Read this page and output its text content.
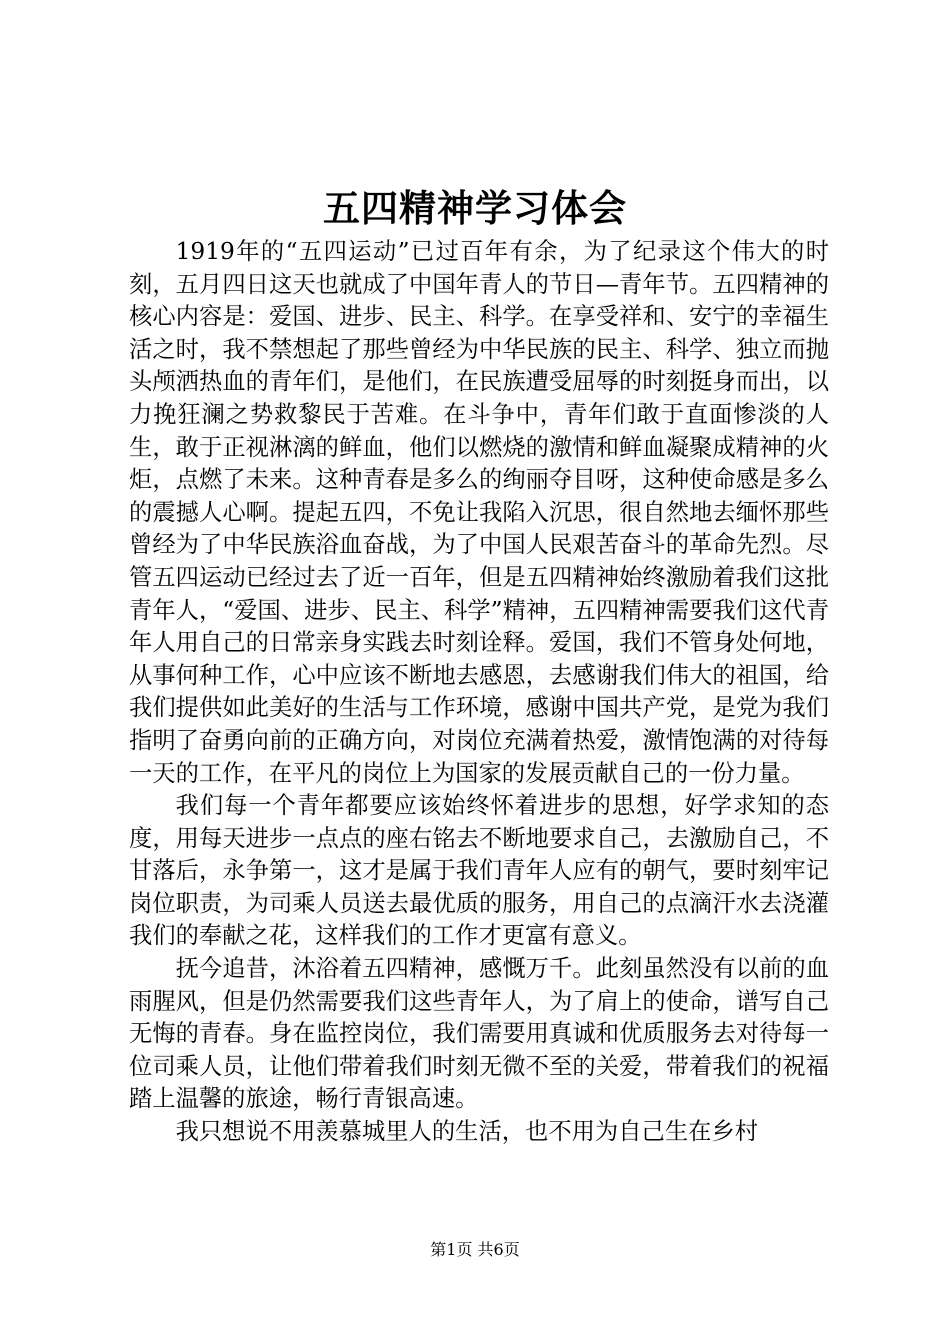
五四精神学习体会

1919年的“五四运动”已过百年有余，为了纪录这个伟大的时刻，五月四日这天也就成了中国年青人的节日—青年节。五四精神的核心内容是：爱国、进步、民主、科学。在享受祥和、安宁的幸福生活之时，我不禁想起了那些曾经为中华民族的民主、科学、独立而抛头颅洒热血的青年们，是他们，在民族遭受屈辱的时刻挺身而出，以力挽狂澜之势救黎民于苦难。在斗争中，青年们敢于直面惨淡的人生，敢于正视淋漓的鲜血，他们以燃烧的激情和鲜血凝聚成精神的火炬，点燃了未来。这种青春是多么的绚丽夺目呀，这种使命感是多么的震撼人心啊。提起五四，不免让我陷入沉思，很自然地去缅怀那些曾经为了中华民族浴血奋战，为了中国人民艰苦奋斗的革命先烈。尽管五四运动已经过去了近一百年，但是五四精神始终激励着我们这批青年人，“爱国、进步、民主、科学”精神，五四精神需要我们这代青年人用自己的日常亲身实践去时刻诠释。爱国，我们不管身处何地，从事何种工作，心中应该不断地去感恩，去感谢我们伟大的祖国，给我们提供如此美好的生活与工作环境，感谢中国共产党，是党为我们指明了奋勇向前的正确方向，对岗位充满着热爱，激情饱满的对待每一天的工作，在平凡的岗位上为国家的发展贡献自己的一份力量。

我们每一个青年都要应该始终怀着进步的思想，好学求知的态度，用每天进步一点点的座右铭去不断地要求自己，去激励自己，不甘落后，永争第一，这才是属于我们青年人应有的朝气，要时刻牢记岗位职责，为司乘人员送去最优质的服务，用自己的点滴汗水去浇灌我们的奉献之花，这样我们的工作才更富有意义。

抚今追昔，沐浴着五四精神，感慨万千。此刻虽然没有以前的血雨腥风，但是仍然需要我们这些青年人，为了肩上的使命，谱写自己无悔的青春。身在监控岗位，我们需要用真诚和优质服务去对待每一位司乘人员，让他们带着我们时刻无微不至的关爱，带着我们的祝福踏上温馨的旅途，畅行青银高速。

我只想说不用羡慕城里人的生活，也不用为自己生在乡村

第1页 共6页
